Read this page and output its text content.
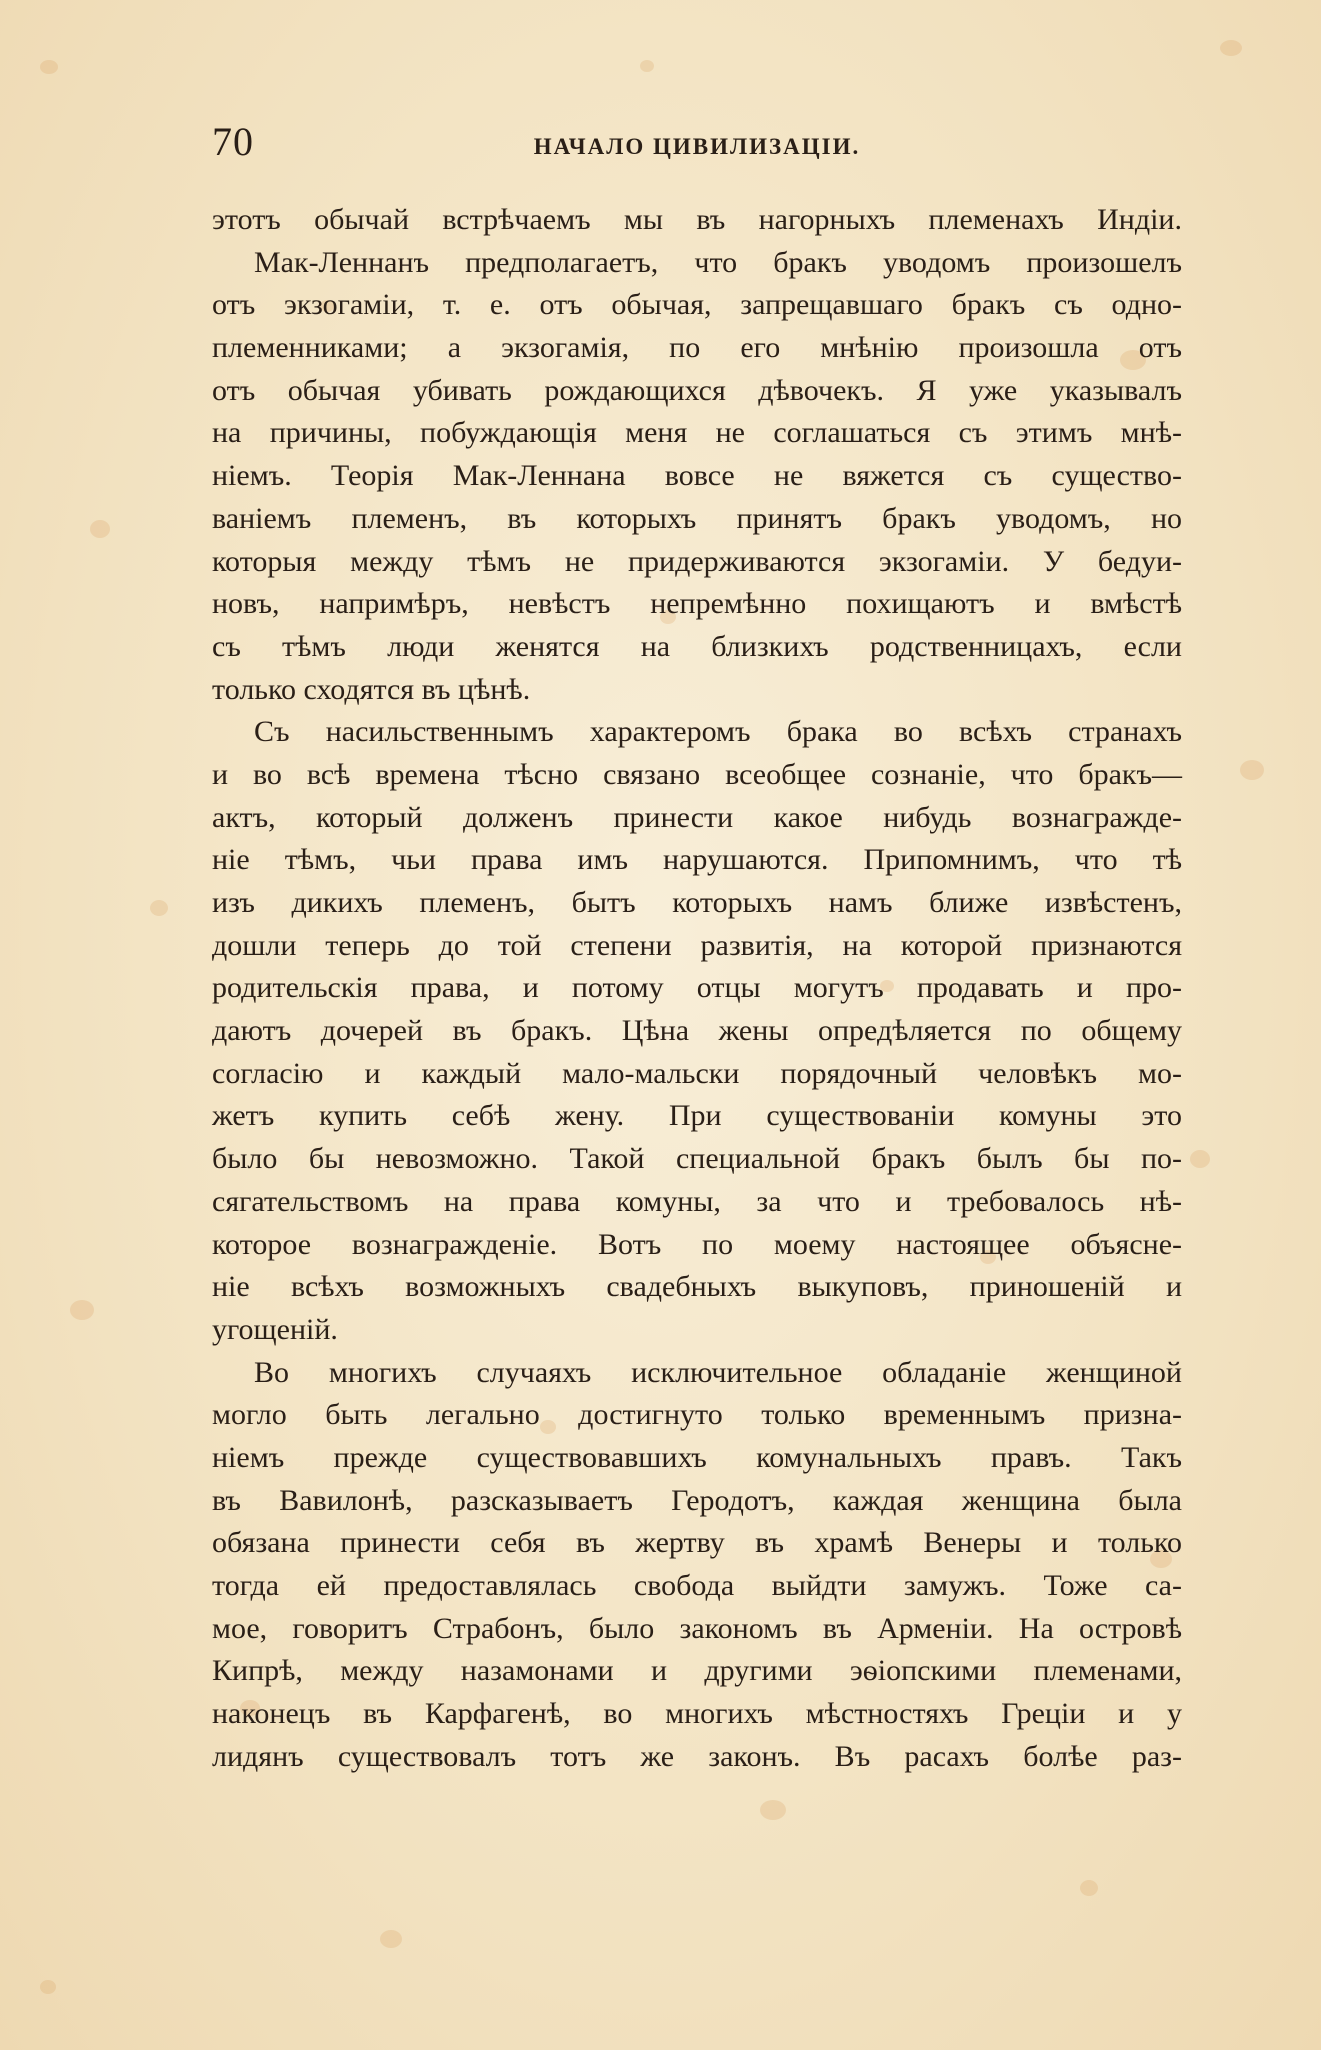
70	НАЧАЛО ЦИВИЛИЗАЦІИ.
этотъ обычай встрѣчаемъ мы въ нагорныхъ племенахъ Индіи.
Мак-Леннанъ предполагаетъ, что бракъ уводомъ произошелъ
отъ экзогаміи, т. е. отъ обычая, запрещавшаго бракъ съ одно-
племенниками; а экзогамія, по его мнѣнію произошла отъ
отъ обычая убивать рождающихся дѣвочекъ. Я уже указывалъ
на причины, побуждающія меня не соглашаться съ этимъ мнѣ-
ніемъ. Теорія Мак-Леннана вовсе не вяжется съ существо-
ваніемъ племенъ, въ которыхъ принятъ бракъ уводомъ, но
которыя между тѣмъ не придерживаются экзогаміи. У бедуи-
новъ, напримѣръ, невѣстъ непремѣнно похищаютъ и вмѣстѣ
съ тѣмъ люди женятся на близкихъ родственницахъ, если
только сходятся въ цѣнѣ.
Съ насильственнымъ характеромъ брака во всѣхъ странахъ
и во всѣ времена тѣсно связано всеобщее сознаніе, что бракъ—
актъ, который долженъ принести какое нибудь вознагражде-
ніе тѣмъ, чьи права имъ нарушаются. Припомнимъ, что тѣ
изъ дикихъ племенъ, бытъ которыхъ намъ ближе извѣстенъ,
дошли теперь до той степени развитія, на которой признаются
родительскія права, и потому отцы могутъ продавать и про-
даютъ дочерей въ бракъ. Цѣна жены опредѣляется по общему
согласію и каждый мало-мальски порядочный человѣкъ мо-
жетъ купить себѣ жену. При существованіи комуны это
было бы невозможно. Такой специальной бракъ былъ бы по-
сягательствомъ на права комуны, за что и требовалось нѣ-
которое вознагражденіе. Вотъ по моему настоящее объясне-
ніе всѣхъ возможныхъ свадебныхъ выкуповъ, приношеній и
угощеній.
Во многихъ случаяхъ исключительное обладаніе женщиной
могло быть легально достигнуто только временнымъ призна-
ніемъ прежде существовавшихъ комунальныхъ правъ. Такъ
въ Вавилонѣ, разсказываетъ Геродотъ, каждая женщина была
обязана принести себя въ жертву въ храмѣ Венеры и только
тогда ей предоставлялась свобода выйдти замужъ. Тоже са-
мое, говоритъ Страбонъ, было закономъ въ Арменіи. На островѣ
Кипрѣ, между назамонами и другими эѳіопскими племенами,
наконецъ въ Карфагенѣ, во многихъ мѣстностяхъ Греціи и у
лидянъ существовалъ тотъ же законъ. Въ расахъ болѣе раз-
